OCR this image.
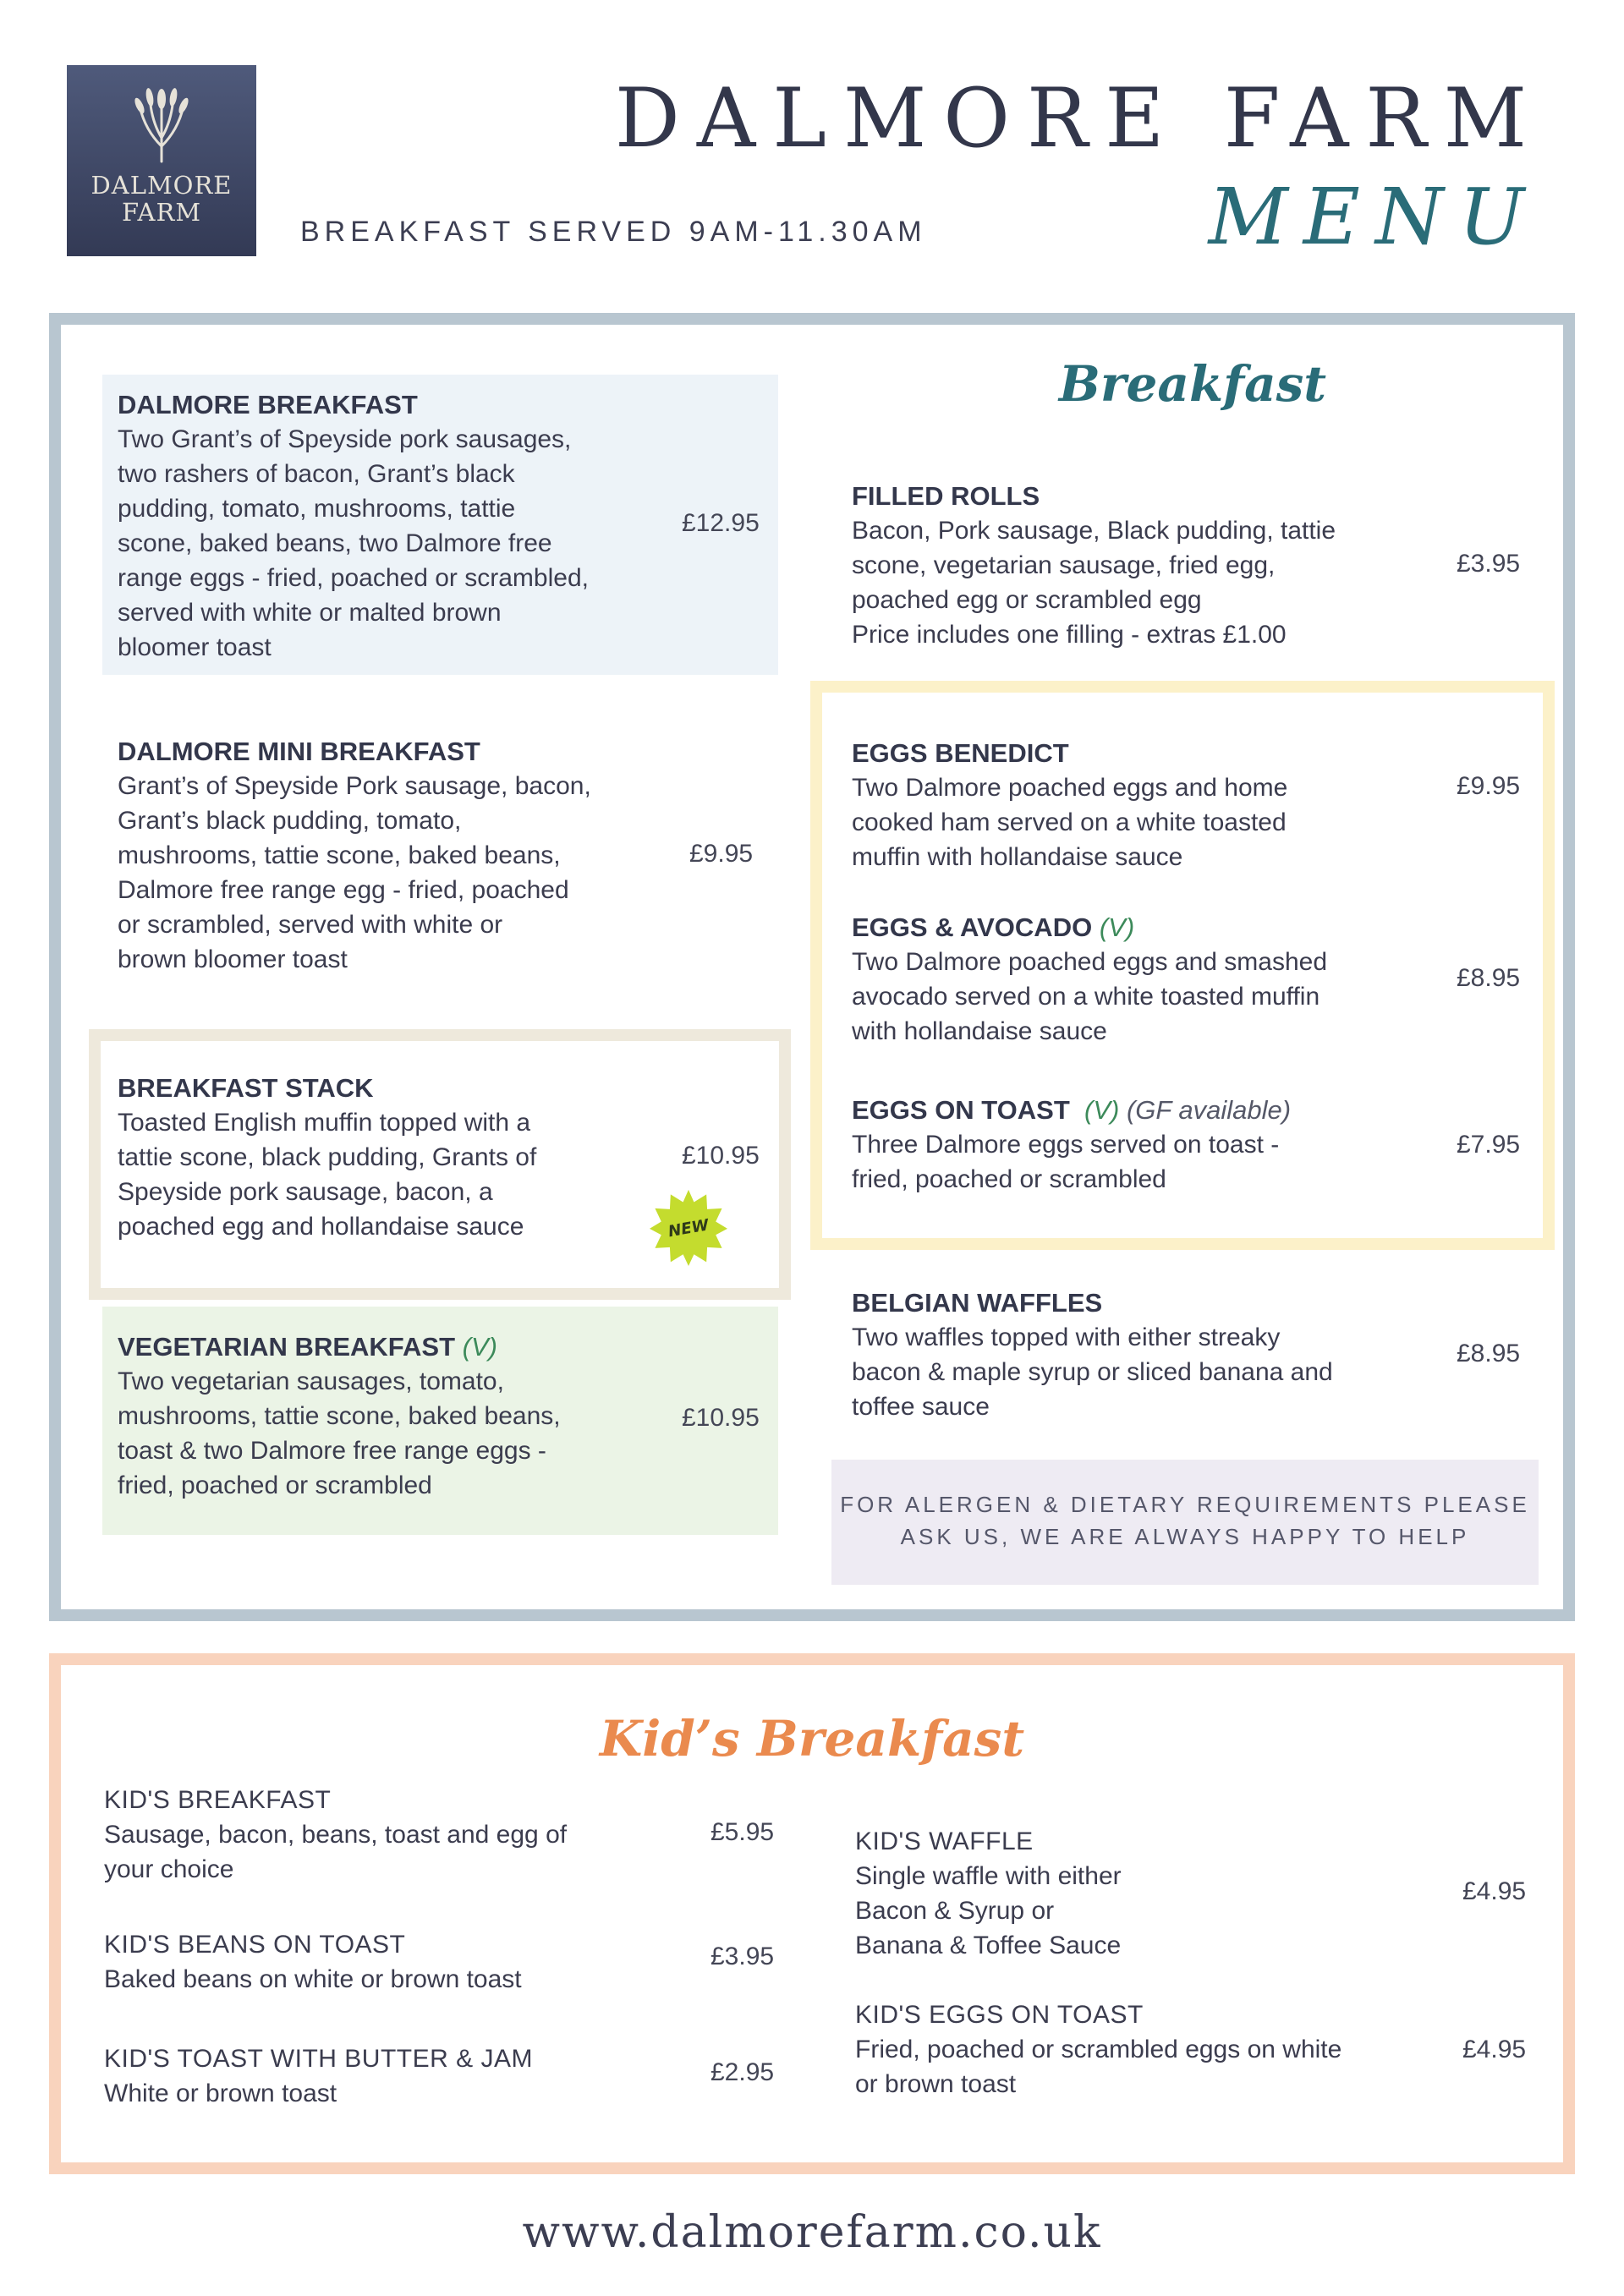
DALMORE
FARM
DALMORE FARM
MENU
BREAKFAST SERVED 9AM-11.30AM
Breakfast
DALMORE BREAKFAST
Two Grant’s of Speyside pork sausages,
two rashers of bacon, Grant’s black
pudding, tomato, mushrooms, tattie
scone, baked beans, two Dalmore free
range eggs - fried, poached or scrambled,
served with white or malted brown
bloomer toast
£12.95
DALMORE MINI BREAKFAST
Grant’s of Speyside Pork sausage, bacon,
Grant’s black pudding, tomato,
mushrooms, tattie scone, baked beans,
Dalmore free range egg - fried, poached
or scrambled, served with white or
brown bloomer toast
£9.95
BREAKFAST STACK
Toasted English muffin topped with a
tattie scone, black pudding, Grants of
Speyside pork sausage, bacon, a
poached egg and hollandaise sauce
£10.95
NEW
VEGETARIAN BREAKFAST (V)
Two vegetarian sausages, tomato,
mushrooms, tattie scone, baked beans,
toast & two Dalmore free range eggs -
fried, poached or scrambled
£10.95
FILLED ROLLS
Bacon, Pork sausage, Black pudding, tattie
scone, vegetarian sausage, fried egg,
poached egg or scrambled egg
Price includes one filling - extras £1.00
£3.95
EGGS BENEDICT
Two Dalmore poached eggs and home
cooked ham served on a white toasted
muffin with hollandaise sauce
£9.95
EGGS & AVOCADO (V)
Two Dalmore poached eggs and smashed
avocado served on a white toasted muffin
with hollandaise sauce
£8.95
EGGS ON TOAST (V) (GF available)
Three Dalmore eggs served on toast -
fried, poached or scrambled
£7.95
BELGIAN WAFFLES
Two waffles topped with either streaky
bacon & maple syrup or sliced banana and
toffee sauce
£8.95
FOR ALERGEN & DIETARY REQUIREMENTS PLEASE
ASK US, WE ARE ALWAYS HAPPY TO HELP
Kid’s Breakfast
KID'S BREAKFAST
Sausage, bacon, beans, toast and egg of
your choice
£5.95
KID'S BEANS ON TOAST
Baked beans on white or brown toast
£3.95
KID'S TOAST WITH BUTTER & JAM
White or brown toast
£2.95
KID'S WAFFLE
Single waffle with either
Bacon & Syrup or
Banana & Toffee Sauce
£4.95
KID'S EGGS ON TOAST
Fried, poached or scrambled eggs on white
or brown toast
£4.95
www.dalmorefarm.co.uk
